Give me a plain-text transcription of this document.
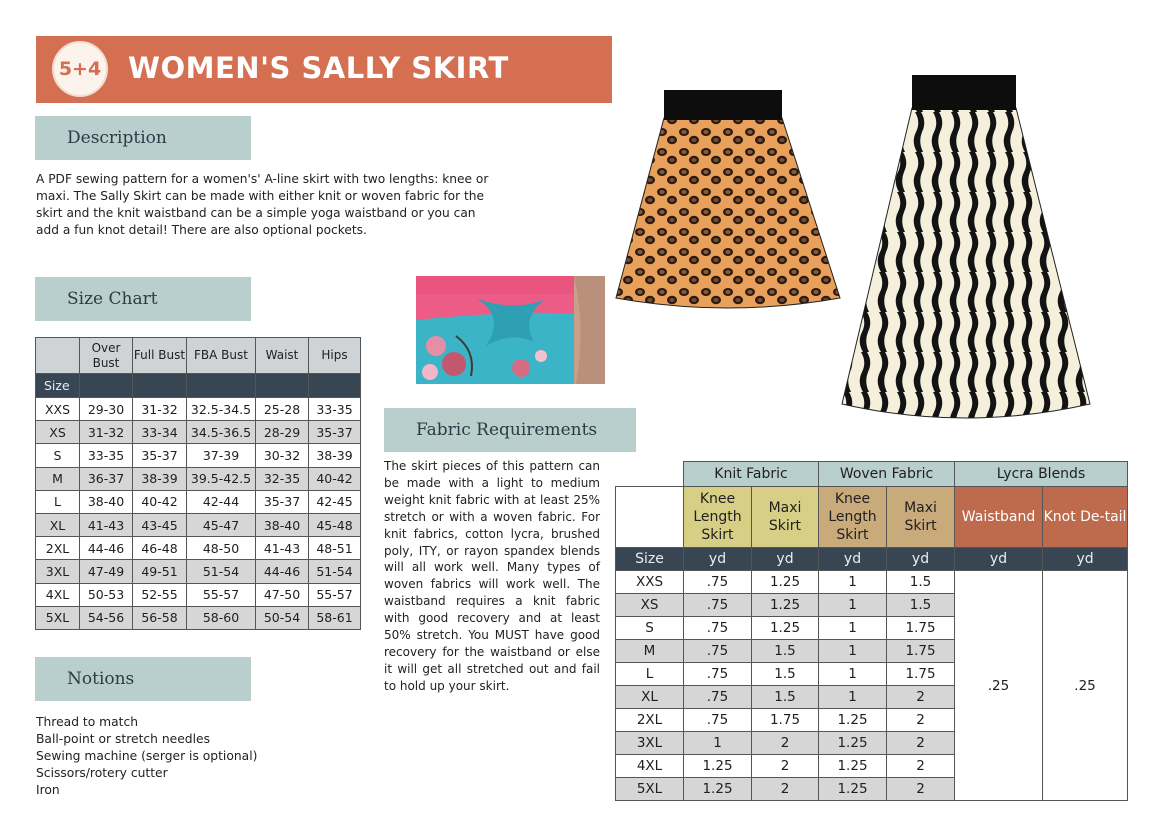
5+4 WOMEN'S SALLY SKIRT
Description
A PDF sewing pattern for a women's' A-line skirt with two lengths: knee or maxi. The Sally Skirt can be made with either knit or woven fabric for the skirt and the knit waistband can be a simple yoga waistband or you can add a fun knot detail! There are also optional pockets.
Size Chart
	Over Bust	Full Bust	FBA Bust	Waist	Hips
Size					
XXS	29-30	31-32	32.5-34.5	25-28	33-35
XS	31-32	33-34	34.5-36.5	28-29	35-37
S	33-35	35-37	37-39	30-32	38-39
M	36-37	38-39	39.5-42.5	32-35	40-42
L	38-40	40-42	42-44	35-37	42-45
XL	41-43	43-45	45-47	38-40	45-48
2XL	44-46	46-48	48-50	41-43	48-51
3XL	47-49	49-51	51-54	44-46	51-54
4XL	50-53	52-55	55-57	47-50	55-57
5XL	54-56	56-58	58-60	50-54	58-61
Notions
Thread to match
Ball-point or stretch needles
Sewing machine (serger is optional)
Scissors/rotery cutter
Iron
Fabric Requirements
The skirt pieces of this pattern can be made with a light to medium weight knit fabric with at least 25% stretch or with a woven fabric. For knit fabrics, cotton lycra, brushed poly, ITY, or rayon spandex blends will all work well. Many types of woven fabrics will work well. The waistband requires a knit fabric with good recovery and at least 50% stretch. You MUST have good recovery for the waistband or else it will get all stretched out and fail to hold up your skirt.
	Knit Fabric		Woven Fabric		Lycra Blends	
	Knee Length Skirt	Maxi Skirt	Knee Length Skirt	Maxi Skirt	Waistband	Knot De-tail
Size	yd	yd	yd	yd	yd	yd
XXS	.75	1.25	1	1.5	.25	.25
XS	.75	1.25	1	1.5		
S	.75	1.25	1	1.75		
M	.75	1.5	1	1.75		
L	.75	1.5	1	1.75		
XL	.75	1.5	1	2		
2XL	.75	1.75	1.25	2		
3XL	1	2	1.25	2		
4XL	1.25	2	1.25	2		
5XL	1.25	2	1.25	2		
